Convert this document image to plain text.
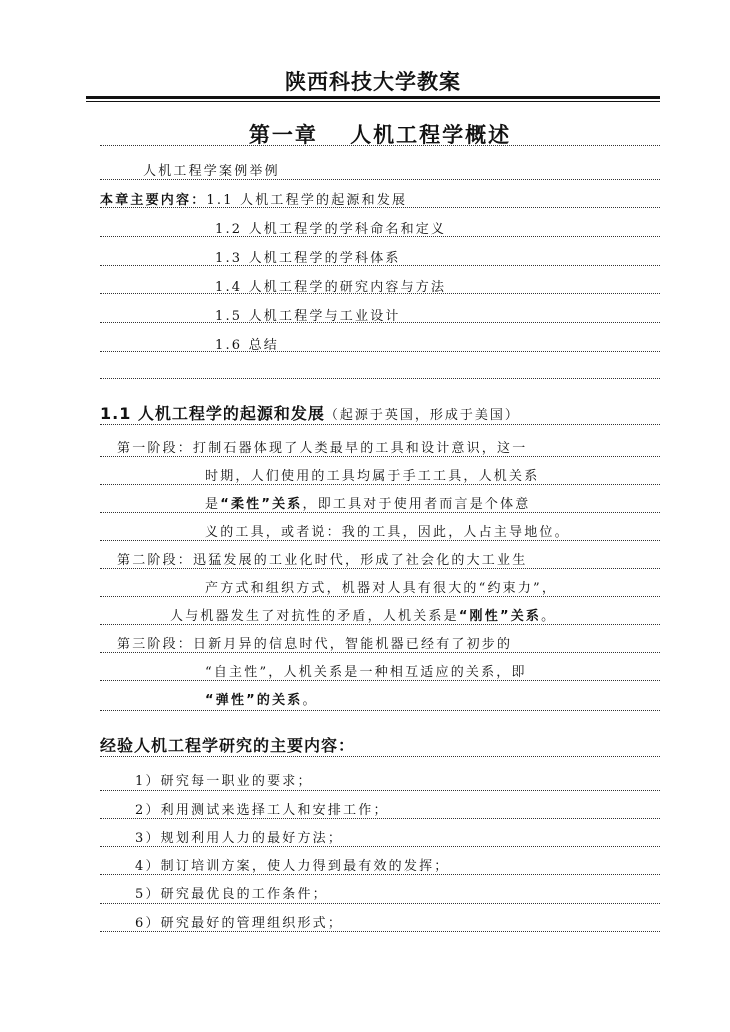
陕西科技大学教案
第一章　 人机工程学概述
人机工程学案例举例
本章主要内容：1.1 人机工程学的起源和发展
1.2 人机工程学的学科命名和定义
1.3 人机工程学的学科体系
1.4 人机工程学的研究内容与方法
1.5 人机工程学与工业设计
1.6 总结
1.1 人机工程学的起源和发展（起源于英国，形成于美国）
第一阶段：打制石器体现了人类最早的工具和设计意识，这一
时期，人们使用的工具均属于手工工具，人机关系
是“柔性”关系，即工具对于使用者而言是个体意
义的工具，或者说：我的工具，因此，人占主导地位。
第二阶段：迅猛发展的工业化时代，形成了社会化的大工业生
产方式和组织方式，机器对人具有很大的“约束力”，
人与机器发生了对抗性的矛盾，人机关系是“刚性”关系。
第三阶段：日新月异的信息时代，智能机器已经有了初步的
“自主性”，人机关系是一种相互适应的关系，即
“弹性”的关系。
经验人机工程学研究的主要内容：
1）研究每一职业的要求；
2）利用测试来选择工人和安排工作；
3）规划利用人力的最好方法；
4）制订培训方案，使人力得到最有效的发挥；
5）研究最优良的工作条件；
6）研究最好的管理组织形式；
